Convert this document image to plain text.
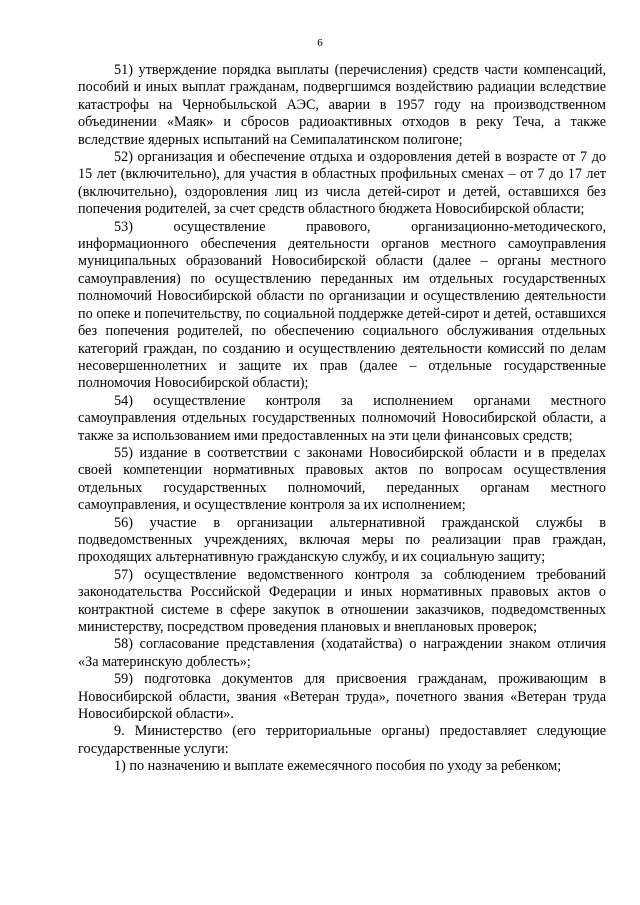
6

51) утверждение порядка выплаты (перечисления) средств части компенсаций, пособий и иных выплат гражданам, подвергшимся воздействию радиации вследствие катастрофы на Чернобыльской АЭС, аварии в 1957 году на производственном объединении «Маяк» и сбросов радиоактивных отходов в реку Теча, а также вследствие ядерных испытаний на Семипалатинском полигоне;

52) организация и обеспечение отдыха и оздоровления детей в возрасте от 7 до 15 лет (включительно), для участия в областных профильных сменах – от 7 до 17 лет (включительно), оздоровления лиц из числа детей-сирот и детей, оставшихся без попечения родителей, за счет средств областного бюджета Новосибирской области;

53) осуществление правового, организационно-методического, информационного обеспечения деятельности органов местного самоуправления муниципальных образований Новосибирской области (далее – органы местного самоуправления) по осуществлению переданных им отдельных государственных полномочий Новосибирской области по организации и осуществлению деятельности по опеке и попечительству, по социальной поддержке детей-сирот и детей, оставшихся без попечения родителей, по обеспечению социального обслуживания отдельных категорий граждан, по созданию и осуществлению деятельности комиссий по делам несовершеннолетних и защите их прав (далее – отдельные государственные полномочия Новосибирской области);

54) осуществление контроля за исполнением органами местного самоуправления отдельных государственных полномочий Новосибирской области, а также за использованием ими предоставленных на эти цели финансовых средств;

55) издание в соответствии с законами Новосибирской области и в пределах своей компетенции нормативных правовых актов по вопросам осуществления отдельных государственных полномочий, переданных органам местного самоуправления, и осуществление контроля за их исполнением;

56) участие в организации альтернативной гражданской службы в подведомственных учреждениях, включая меры по реализации прав граждан, проходящих альтернативную гражданскую службу, и их социальную защиту;

57) осуществление ведомственного контроля за соблюдением требований законодательства Российской Федерации и иных нормативных правовых актов о контрактной системе в сфере закупок в отношении заказчиков, подведомственных министерству, посредством проведения плановых и внеплановых проверок;

58) согласование представления (ходатайства) о награждении знаком отличия «За материнскую доблесть»;

59) подготовка документов для присвоения гражданам, проживающим в Новосибирской области, звания «Ветеран труда», почетного звания «Ветеран труда Новосибирской области».

9. Министерство (его территориальные органы) предоставляет следующие государственные услуги:

1) по назначению и выплате ежемесячного пособия по уходу за ребенком;
